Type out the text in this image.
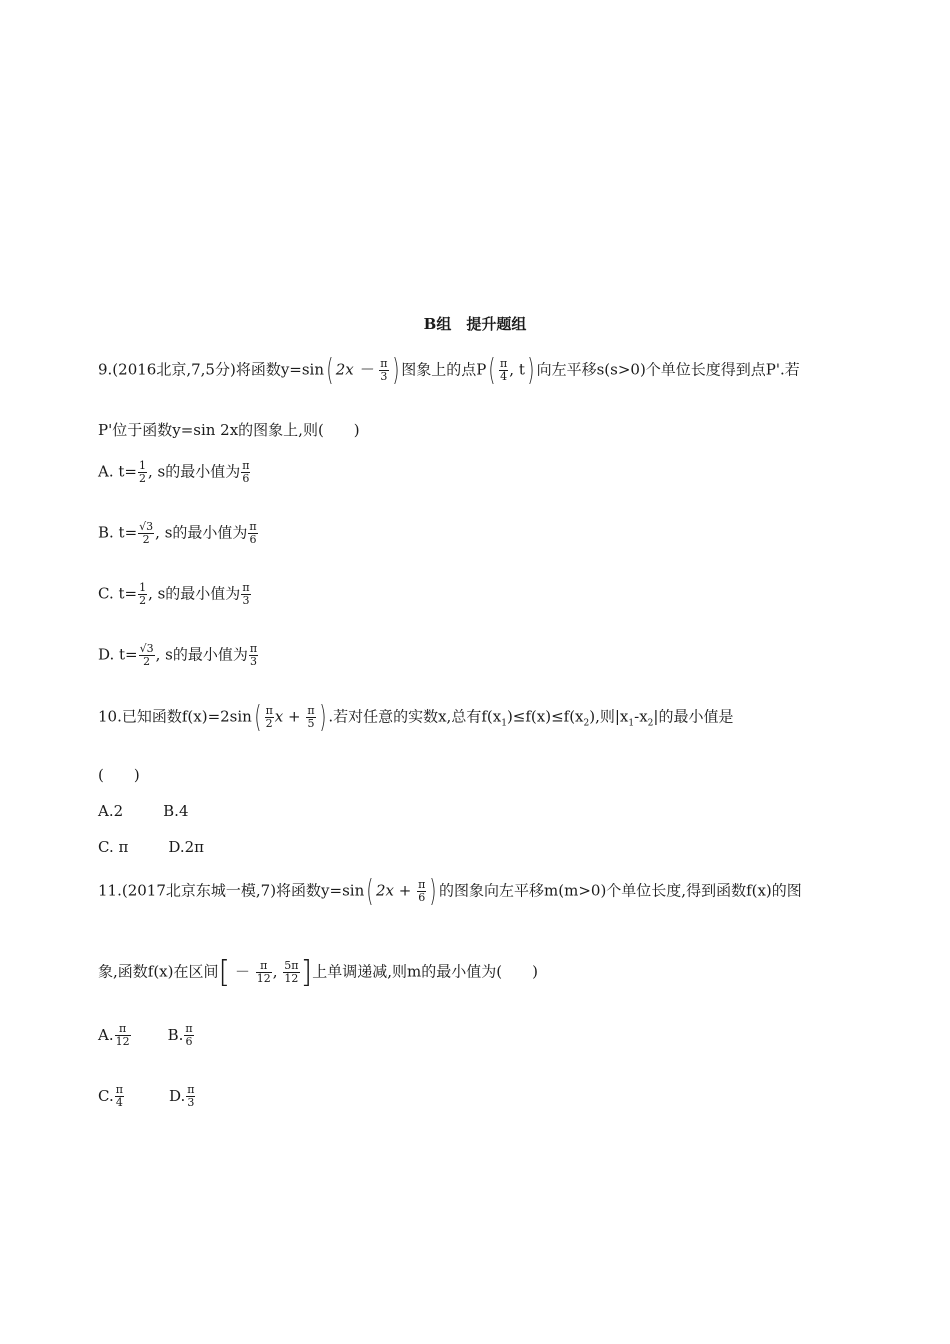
B组　提升题组
9.(2016北京,7,5分)将函数y=sin( $2x - \frac{\pi}{3}$ ) 图象上的点$P( \frac{\pi}{4}$ , t) 向左平移s(s>0)个单位长度得到点P'.若
P'位于函数y=sin 2x的图象上,则(　　)
A. $t= \frac{1}{2}$ , s的最小值为 $\frac{\pi}{6}$
B. $t= \frac{√3}{2}$ , s的最小值为 $\frac{\pi}{6}$
C. $t= \frac{1}{2}$ , s的最小值为 $\frac{\pi}{3}$
D. $t= \frac{√3}{2}$ , s的最小值为 $\frac{\pi}{3}$
10.已知函数$f(x)=2\sin( \frac{\pi}{2}$ $x + \frac{\pi}{5}$ ) .若对任意的实数x,总有$f(x_1)\le f(x)\le f(x_2)$,则$|x_1-x_2|$的最小值是
(　　)
A.2	B.4
C. π	D.2π
11.(2017北京东城一模,7)将函数y=sin( $2x + \frac{\pi}{6}$ ) 的图象向左平移m(m>0)个单位长度,得到函数f(x)的图
象,函数f(x)在区间[ － $\frac{\pi}{12}$ , $\frac{5\pi}{12}$ ]上单调递减,则m的最小值为(　　)
A. $\frac{\pi}{12} B$. $\frac{\pi}{6}$
C. $\frac{\pi}{4}$	D. $\frac{\pi}{3}$
